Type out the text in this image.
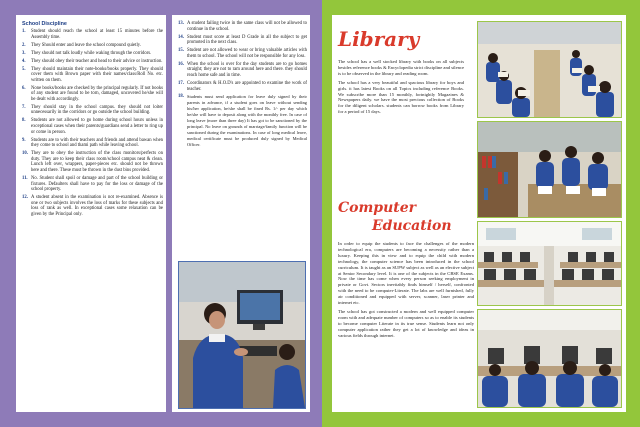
School Discipline
1.	Student should reach the school at least 15 minutes before the Assembly time.
2.	They Should enter and leave the school compound quietly.
3.	They should not talk loudly while waking through the corridors.
4.	They should obey their teacher and head to their advice or instruction.
5.	They should maintain their note-books/books properly. They should cover them with Brown paper with their names/class/Roll No. etc. written on them.
6.	None books/books are checked by the principal regularly. If not books of any student are found to be torn, damaged, uncovered he/she will be dealt with accordingly.
7.	They should stay in the school campus. they should not loiter unnecessarily in the corridors or go outside the school building.
8.	Students are not allowed to go home during school hours unless in exceptional cases when their parents/guardians send a letter to ring up or come in person.
9.	Students are to with their teachers and friends and attend bawan when they come to school and thami path while leaving school.
10. They are to obey the instruction of the class monitors/perfects on duty. They are to keep their class room/school campus neat & clean. Lunch left over, wrappers, paper-pieces etc. should not be thrown here and there. These must be thrown in the dust bins provided.
11. No. Student shall spoil or damage and part of the school building or fixtures. Defaulters shall have to pay for the loss or damage of the school property.
12. A student absent in the examination is not re-examined. Absence is one or two subjects involves the loss of marks for these subjects and loss of rank as well. In exceptional cases some relaxation can be given by the Principal only.
13. A student failing twice in the same class will not be allowed to continue in the school.
14. Student must score at least D Grade in all the subject to get promoted in the next class.
15. Student are not allowed to wear or bring valuable articles with them to school. The school will not be responsible for any loss.
16. When the school is over for the day students are to go homes straight; they are not to ram around here and there. they should reach home safe and in time.
17. Coordinators & H.O.D's are appointed to examine the work of teacher.
18. Students must send application for leave duly signed by their parents in advance, if a student goes on leave without sending his/her application, he/she shall be fined Rs. 1/- per day which he/she will have to deposit along with the monthly free. In case of long leave (more than three day) It has got to be sanctioned by the principal. No leave on grounds of marriage/family function will be sanctioned during the examinations. In case of long medical leave, medical certificate must be produced duly signed by Medical Officer.
Library

The school has a well stocked library with books on all subjects besides reference books & Encyclopedia strict discipline and silence is to be observed in the library and reading room.

The school has a very beautiful and spacious library for boys and girls. it has latest Books on all Topics including reference Books. We subscribe more than 15 monthly, fortnightly Magazines & Newspapers daily. we have the most precious collection of Books for the diligent scholars. students can borrow books from Library for a period of 15 days.

Computer
Education

In order to equip the students to face the challenges of the modern technological era, computers are becoming a necessity rather than a luxury. Keeping this in view and to equip the child with modern technology, the computer science has been introduced in the school curriculum. It is taught as an SUPW subject as well as an elective subject at Senior Secondary level. It is one of the subjects in the CBSE Exams. Now the time has come when every person seeking employment in private or Govt. Sectors inevitably finds himself / herself, confronted with the need to be computer-Literate. The labs are well furnished, fully air conditioned and equipped with server, scanner, laser printer and internet etc.

The school has got constructed a modern and well equipped computer room with and adequate number of computers so as to enable its students to become computer Literate in its true sense. Students learn not only computer application rather they get a lot of knowledge and ideas in various fields through internet.
